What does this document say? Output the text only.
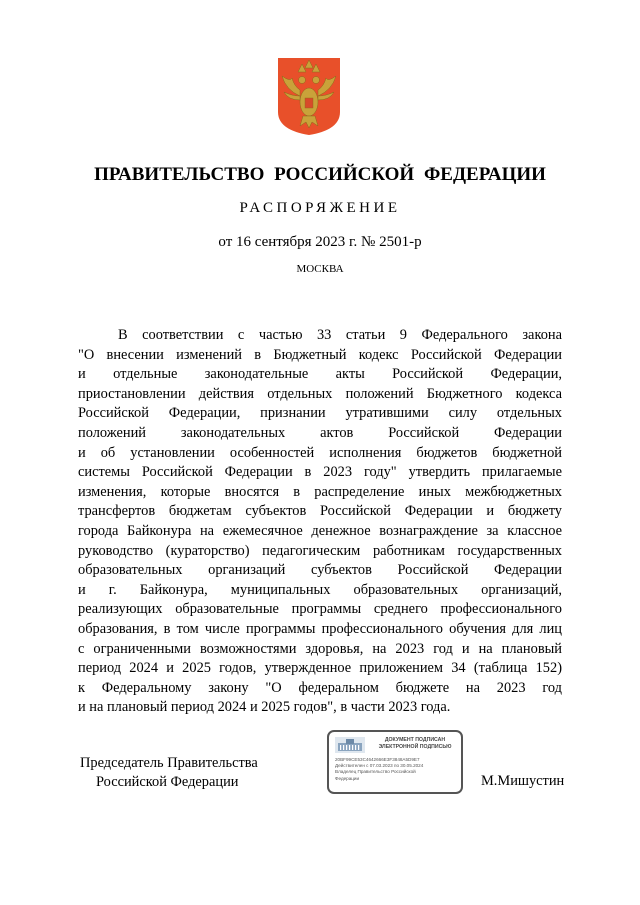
ПРАВИТЕЛЬСТВО РОССИЙСКОЙ ФЕДЕРАЦИИ
РАСПОРЯЖЕНИЕ
от 16 сентября 2023 г. № 2501-р
МОСКВА
В соответствии с частью 33 статьи 9 Федерального закона
"О внесении изменений в Бюджетный кодекс Российской Федерации
и отдельные законодательные акты Российской Федерации,
приостановлении действия отдельных положений Бюджетного кодекса
Российской Федерации, признании утратившими силу отдельных
положений законодательных актов Российской Федерации
и об установлении особенностей исполнения бюджетов бюджетной
системы Российской Федерации в 2023 году" утвердить прилагаемые
изменения, которые вносятся в распределение иных межбюджетных
трансфертов бюджетам субъектов Российской Федерации и бюджету
города Байконура на ежемесячное денежное вознаграждение за классное
руководство (кураторство) педагогическим работникам государственных
образовательных организаций субъектов Российской Федерации
и г. Байконура, муниципальных образовательных организаций,
реализующих образовательные программы среднего профессионального
образования, в том числе программы профессионального обучения для лиц
с ограниченными возможностями здоровья, на 2023 год и на плановый
период 2024 и 2025 годов, утвержденное приложением 34 (таблица 152)
к Федеральному закону "О федеральном бюджете на 2023 год
и на плановый период 2024 и 2025 годов", в части 2023 года.
Председатель Правительства
Российской Федерации
ДОКУМЕНТ ПОДПИСАН
ЭЛЕКТРОННОЙ ПОДПИСЬЮ
20BF99CE53C4642666E3F3848A5D9E7
Действителен с 07.03.2023 по 30.05.2024
Владелец Правительство Российской
Федерации	М.Мишустин
